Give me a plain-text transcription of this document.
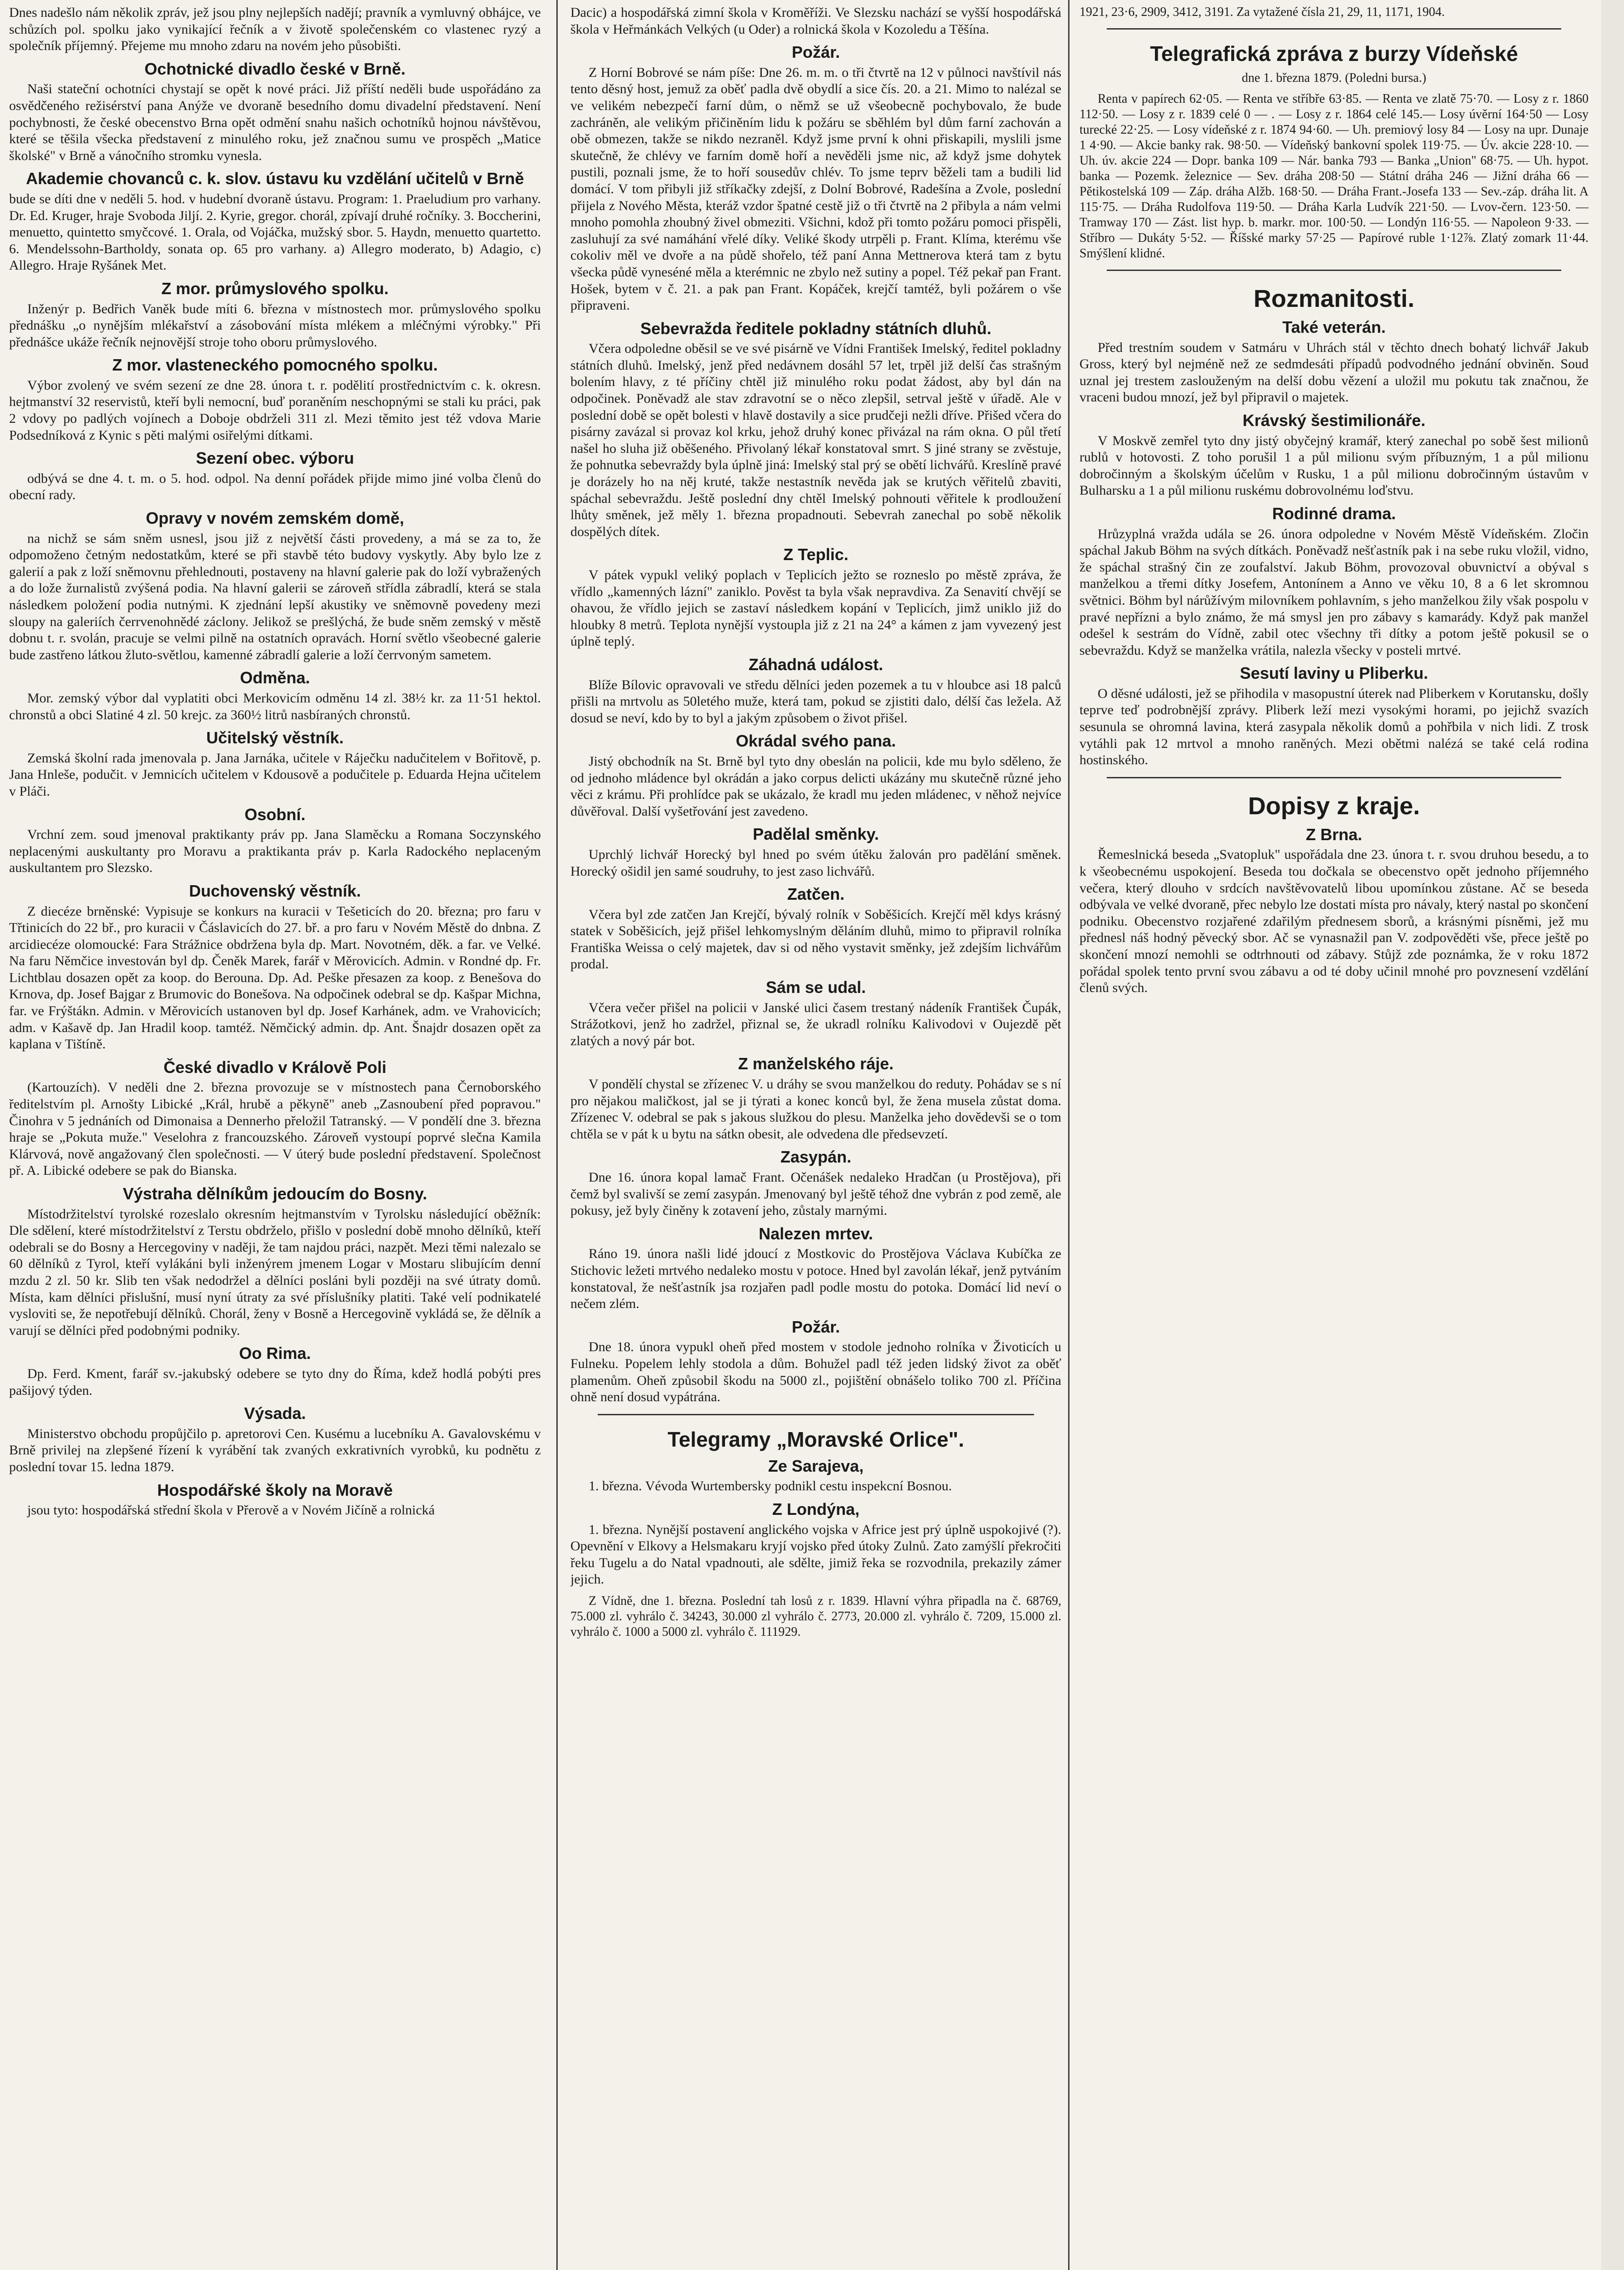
Dnes nadešlo nám několik zpráv, jež jsou plny nejlepších nadějí; pravník a vymluvný obhájce, ve schůzích pol. spolku jako vynikající řečník a v životě společenském co vlastenec ryzý a společník příjemný. Přejeme mu mnoho zdaru na novém jeho působišti.

Ochotnické divadlo české v Brně.

Naši stateční ochotníci chystají se opět k nové práci. Již příští neděli bude uspořádáno za osvědčeného režisérství pana Anýže ve dvoraně besedního domu divadelní představení. Není pochybnosti, že české obecenstvo Brna opět odmění snahu našich ochotníků hojnou návštěvou, které se těšila všecka představení z minulého roku, jež značnou sumu ve prospěch „Matice školské" v Brně a vánočního stromku vynesla.

Akademie chovanců c. k. slov. ústavu ku vzdělání učitelů v Brně

bude se díti dne v neděli 5. hod. v hudební dvoraně ústavu. Program: 1. Praeludium pro varhany. Dr. Ed. Kruger, hraje Svoboda Jiljí. 2. Kyrie, gregor. chorál, zpívají druhé ročníky. 3. Boccherini, menuetto, quintetto smyčcové. 1. Orala, od Vojáčka, mužský sbor. 5. Haydn, menuetto quartetto. 6. Mendelssohn-Bartholdy, sonata op. 65 pro varhany. a) Allegro moderato, b) Adagio, c) Allegro. Hraje Ryšánek Met.

Z mor. průmyslového spolku.

Inženýr p. Bedřich Vaněk bude míti 6. března v místnostech mor. průmyslového spolku přednášku „o nynějším mlékařství a zásobování místa mlékem a mléčnými výrobky." Při přednášce ukáže řečník nejnovější stroje toho oboru průmyslového.

Z mor. vlasteneckého pomocného spolku.

Výbor zvolený ve svém sezení ze dne 28. února t. r. podělití prostřednictvím c. k. okresn. hejtmanství 32 reservistů, kteří byli nemocní, buď poraněním neschopnými se stali ku práci, pak 2 vdovy po padlých vojínech a Doboje obdrželi 311 zl. Mezi těmito jest též vdova Marie Podsedníková z Kynic s pěti malými osiřelými dítkami.

Sezení obec. výboru

odbývá se dne 4. t. m. o 5. hod. odpol. Na denní pořádek přijde mimo jiné volba členů do obecní rady.

Opravy v novém zemském domě,

na nichž se sám sněm usnesl, jsou již z největší části provedeny, a má se za to, že odpomoženo četným nedostatkům, které se při stavbě této budovy vyskytly. Aby bylo lze z galerií a pak z loží sněmovnu přehlednouti, postaveny na hlavní galerie pak do loží vybražených a do lože žurnalistů zvýšená podia. Na hlavní galerii se zároveň střídla zábradlí, která se stala následkem položení podia nutnými. K zjednání lepší akustiky ve sněmovně povedeny mezi sloupy na galeriích čerrvenohnědé záclony. Jelikož se prešlýchá, že bude sněm zemský v městě dobnu t. r. svolán, pracuje se velmi pilně na ostatních opravách. Horní světlo všeobecné galerie bude zastřeno látkou žluto-světlou, kamenné zábradlí galerie a loží čerrvoným sametem.

Odměna.

Mor. zemský výbor dal vyplatiti obci Merkovicím odměnu 14 zl. 38½ kr. za 11·51 hektol. chronstů a obci Slatiné 4 zl. 50 krejc. za 360½ litrů nasbíraných chronstů.

Učitelský věstník.

Zemská školní rada jmenovala p. Jana Jarnáka, učitele v Ráječku nadučitelem v Bořitově, p. Jana Hnleše, podučit. v Jemnicích učitelem v Kdousově a podučitele p. Eduarda Hejna učitelem v Pláči.

Osobní.

Vrchní zem. soud jmenoval praktikanty práv pp. Jana Slaměcku a Romana Soczynského neplacenými auskultanty pro Moravu a praktikanta práv p. Karla Radockého neplaceným auskultantem pro Slezsko.

Duchovenský věstník.

Z diecéze brněnské: Vypisuje se konkurs na kuracii v Tešeticích do 20. března; pro faru v Třtinicích do 22 bř., pro kuracii v Čáslavicích do 27. bř. a pro faru v Novém Městě do dnbna. Z arcidiecéze olomoucké: Fara Strážnice obdržena byla dp. Mart. Novotném, děk. a far. ve Velké. Na faru Němčice investován byl dp. Čeněk Marek, farář v Měrovicích. Admin. v Rondné dp. Fr. Lichtblau dosazen opět za koop. do Berouna. Dp. Ad. Peške přesazen za koop. z Benešova do Krnova, dp. Josef Bajgar z Brumovic do Bonešova. Na odpočinek odebral se dp. Kašpar Michna, far. ve Frýštákn. Admin. v Měrovicích ustanoven byl dp. Josef Karhánek, adm. ve Vrahovicích; adm. v Kašavě dp. Jan Hradil koop. tamtéž. Němčický admin. dp. Ant. Šnajdr dosazen opět za kaplana v Tištíně.

České divadlo v Králově Poli

(Kartouzích). V neděli dne 2. března provozuje se v místnostech pana Černoborského ředitelstvím pl. Arnošty Libické „Král, hrubě a pěkyně" aneb „Zasnoubení před popravou." Činohra v 5 jednáních od Dimonaisa a Dennerho přeložil Tatranský. — V pondělí dne 3. března hraje se „Pokuta muže." Veselohra z francouzského. Zároveň vystoupí poprvé slečna Kamila Klárvová, nově angažovaný člen společnosti. — V úterý bude poslední představení. Společnost př. A. Libické odebere se pak do Bianska.

Výstraha dělníkům jedoucím do Bosny.

Místodržitelství tyrolské rozeslalo okresním hejtmanstvím v Tyrolsku následující oběžník: Dle sdělení, které místodržitelství z Terstu obdrželo, přišlo v poslední době mnoho dělníků, kteří odebrali se do Bosny a Hercegoviny v naději, že tam najdou práci, nazpět. Mezi těmi nalezalo se 60 dělníků z Tyrol, kteří vylákáni byli inženýrem jmenem Logar v Mostaru slibujícím denní mzdu 2 zl. 50 kr. Slib ten však nedodržel a dělníci posláni byli později na své útraty domů. Místa, kam dělníci přislušní, musí nyní útraty za své příslušníky platiti. Také velí podnikatelé vysloviti se, že nepotřebují dělníků. Chorál, ženy v Bosně a Hercegovině vykládá se, že dělník a varují se dělníci před podobnými podniky.

Oo Rima.

Dp. Ferd. Kment, farář sv.-jakubský odebere se tyto dny do Říma, kdež hodlá pobýti pres pašijový týden.

Výsada.

Ministerstvo obchodu propůjčilo p. apretorovi Cen. Kusému a lucebníku A. Gavalovskému v Brně privilej na zlepšené řízení k vyrábění tak zvaných exkrativních vyrobků, ku podnětu z poslední tovar 15. ledna 1879.

Hospodářské školy na Moravě

jsou tyto: hospodářská střední škola v Přerově a v Novém Jičíně a rolnická

Dacic) a hospodářská zimní škola v Kroměříži. Ve Slezsku nachází se vyšší hospodářská škola v Heřmánkách Velkých (u Oder) a rolnická škola v Kozoledu a Těšína.

Požár.

Z Horní Bobrové se nám píše: Dne 26. m. m. o tři čtvrtě na 12 v půlnoci navštívil nás tento děsný host, jemuž za oběť padla dvě obydlí a sice čís. 20. a 21. Mimo to nalézal se ve velikém nebezpečí farní dům, o němž se už všeobecně pochybovalo, že bude zachráněn, ale velikým přičiněním lidu k požáru se sběhlém byl dům farní zachován a obě obmezen, takže se nikdo nezraněl. Když jsme první k ohni přiskapili, myslili jsme skutečně, že chlévy ve farním domě hoří a nevěděli jsme nic, až když jsme dohytek pustili, poznali jsme, že to hoří sousedův chlév. To jsme teprv běželi tam a budili lid domácí. V tom přibyli již stříkačky zdejší, z Dolní Bobrové, Radešína a Zvole, poslední přijela z Nového Města, kteráž vzdor špatné cestě již o tři čtvrtě na 2 přibyla a nám velmi mnoho pomohla zhoubný živel obmeziti. Všichni, kdož při tomto požáru pomoci přispěli, zasluhují za své namáhání vřelé díky. Veliké škody utrpěli p. Frant. Klíma, kterému vše cokoliv měl ve dvoře a na půdě shořelo, též paní Anna Mettnerova která tam z bytu všecka půdě vyneséné měla a kterémnic ne zbylo než sutiny a popel. Též pekař pan Frant. Hošek, bytem v č. 21. a pak pan Frant. Kopáček, krejčí tamtéž, byli požárem o vše připraveni.

Sebevražda ředitele pokladny státních dluhů.

Včera odpoledne oběsil se ve své pisárně ve Vídni František Imelský, ředitel pokladny státních dluhů. Imelský, jenž před nedávnem dosáhl 57 let, trpěl již delší čas strašným bolením hlavy, z té příčiny chtěl již minulého roku podat žádost, aby byl dán na odpočinek. Poněvadž ale stav zdravotní se o něco zlepšil, setrval ještě v úřadě. Ale v poslední době se opět bolesti v hlavě dostavily a sice prudčeji nežli dříve. Přišed včera do pisárny zavázal si provaz kol krku, jehož druhý konec přivázal na rám okna. O půl třetí našel ho sluha již oběšeného. Přivolaný lékař konstatoval smrt. S jiné strany se zvěstuje, že pohnutka sebevraždy byla úplně jiná: Imelský stal prý se obětí lichvářů. Kreslíně pravé je dorázely ho na něj kruté, takže nestastník nevěda jak se krutých věřitelů zbaviti, spáchal sebevraždu. Ještě poslední dny chtěl Imelský pohnouti věřitele k prodloužení lhůty směnek, jež měly 1. března propadnouti. Sebevrah zanechal po sobě několik dospělých dítek.

Z Teplic.

V pátek vypukl veliký poplach v Teplicích ježto se rozneslo po městě zpráva, že vřídlo „kamenných lázní" zaniklo. Pověst ta byla však nepravdiva. Za Senavití chvějí se ohavou, že vřídlo jejich se zastaví následkem kopání v Teplicích, jimž uniklo již do hloubky 8 metrů. Teplota nynější vystoupla již z 21 na 24° a kámen z jam vyvezený jest úplně teplý.

Záhadná událost.

Blíže Bílovic opravovali ve středu dělníci jeden pozemek a tu v hloubce asi 18 palců přišli na mrtvolu as 50letého muže, která tam, pokud se zjistiti dalo, délší čas ležela. Až dosud se neví, kdo by to byl a jakým způsobem o život přišel.

Okrádal svého pana.

Jistý obchodník na St. Brně byl tyto dny obeslán na policii, kde mu bylo sděleno, že od jednoho mládence byl okrádán a jako corpus delicti ukázány mu skutečně různé jeho věci z krámu. Při prohlídce pak se ukázalo, že kradl mu jeden mládenec, v něhož nejvíce důvěřoval. Další vyšetřování jest zavedeno.

Padělal směnky.

Uprchlý lichvář Horecký byl hned po svém útěku žalován pro padělání směnek. Horecký ošidil jen samé soudruhy, to jest zaso lichvářů.

Zatčen.

Včera byl zde zatčen Jan Krejčí, bývalý rolník v Soběšicích. Krejčí měl kdys krásný statek v Soběšicích, jejž přišel lehkomyslným děláním dluhů, mimo to připravil rolníka Františka Weissa o celý majetek, dav si od něho vystavit směnky, jež zdejším lichvářům prodal.

Sám se udal.

Včera večer přišel na policii v Janské ulici časem trestaný nádeník František Čupák, Strážotkovi, jenž ho zadržel, přiznal se, že ukradl rolníku Kalivodovi v Oujezdě pět zlatých a nový pár bot.

Z manželského ráje.

V pondělí chystal se zřízenec V. u dráhy se svou manželkou do reduty. Pohádav se s ní pro nějakou maličkost, jal se ji týrati a konec konců byl, že žena musela zůstat doma. Zřízenec V. odebral se pak s jakous služkou do plesu. Manželka jeho dovědevši se o tom chtěla se v pát k u bytu na sátkn obesit, ale odvedena dle předsevzetí.

Zasypán.

Dne 16. února kopal lamač Frant. Očenášek nedaleko Hradčan (u Prostějova), při čemž byl svalivší se zemí zasypán. Jmenovaný byl ještě téhož dne vybrán z pod země, ale pokusy, jež byly činěny k zotavení jeho, zůstaly marnými.

Nalezen mrtev.

Ráno 19. února našli lidé jdoucí z Mostkovic do Prostějova Václava Kubíčka ze Stichovic ležeti mrtvého nedaleko mostu v potoce. Hned byl zavolán lékař, jenž pytváním konstatoval, že nešťastník jsa rozjařen padl podle mostu do potoka. Domácí lid neví o nečem zlém.

Požár.

Dne 18. února vypukl oheň před mostem v stodole jednoho rolníka v Životicích u Fulneku. Popelem lehly stodola a dům. Bohužel padl též jeden lidský život za oběť plamenům. Oheň způsobil škodu na 5000 zl., pojištění obnášelo toliko 700 zl. Příčina ohně není dosud vypátrána.

Telegramy „Moravské Orlice".

Ze Sarajeva,

1. března. Vévoda Wurtembersky podnikl cestu inspekcní Bosnou.

Z Londýna,

1. března. Nynější postavení anglického vojska v Africe jest prý úplně uspokojivé (?). Opevnění v Elkovy a Helsmakaru kryjí vojsko před útoky Zulnů. Zato zamýšlí překročiti řeku Tugelu a do Natal vpadnouti, ale sdělte, jimiž řeka se rozvodnila, prekazily zámer jejich.

Z Vídně, dne 1. března. Poslední tah losů z r. 1839. Hlavní výhra připadla na č. 68769, 75.000 zl. vyhrálo č. 34243, 30.000 zl vyhrálo č. 2773, 20.000 zl. vyhrálo č. 7209, 15.000 zl. vyhrálo č. 1000 a 5000 zl. vyhrálo č. 111929.

1921, 23·6, 2909, 3412, 3191. Za vytažené čísla 21, 29, 11, 1171, 1904.

Telegrafická zpráva z burzy Vídeňské

dne 1. března 1879. (Poledni bursa.)

Renta v papírech 62·05. — Renta ve stříbře 63·85. — Renta ve zlatě 75·70. — Losy z r. 1860 112·50. — Losy z r. 1839 celé 0 — . — Losy z r. 1864 celé 145.— Losy úvěrní 164·50 — Losy turecké 22·25. — Losy vídeňské z r. 1874 94·60. — Uh. premiový losy 84 — Losy na upr. Dunaje 1 4·90. — Akcie banky rak. 98·50. — Vídeňský bankovní spolek 119·75. — Úv. akcie 228·10. — Uh. úv. akcie 224 — Dopr. banka 109 — Nár. banka 793 — Banka „Union" 68·75. — Uh. hypot. banka — Pozemk. železnice — Sev. dráha 208·50 — Státní dráha 246 — Jižní dráha 66 — Pětikostelská 109 — Záp. dráha Alžb. 168·50. — Dráha Frant.-Josefa 133 — Sev.-záp. dráha lit. A 115·75. — Dráha Rudolfova 119·50. — Dráha Karla Ludvík 221·50. — Lvov-čern. 123·50. — Tramway 170 — Zást. list hyp. b. markr. mor. 100·50. — Londýn 116·55. — Napoleon 9·33. — Stříbro — Dukáty 5·52. — Říšské marky 57·25 — Papírové ruble 1·12⅞. Zlatý zomark 11·44. Smýšlení klidné.

Rozmanitosti.

Také veterán.

Před trestním soudem v Satmáru v Uhrách stál v těchto dnech bohatý lichvář Jakub Gross, který byl nejméně než ze sedmdesáti případů podvodného jednání obviněn. Soud uznal jej trestem zaslouženým na delší dobu vězení a uložil mu pokutu tak značnou, že vraceni budou mnozí, jež byl připravil o majetek.

Krávský šestimilionáře.

V Moskvě zemřel tyto dny jistý obyčejný kramář, který zanechal po sobě šest milionů rublů v hotovosti. Z toho porušil 1 a půl milionu svým příbuzným, 1 a půl milionu dobročinným a školským účelům v Rusku, 1 a půl milionu dobročinným ústavům v Bulharsku a 1 a půl milionu ruskému dobrovolnému loďstvu.

Rodinné drama.

Hrůzyplná vražda udála se 26. února odpoledne v Novém Městě Vídeňském. Zločin spáchal Jakub Böhm na svých dítkách. Poněvadž nešťastník pak i na sebe ruku vložil, vidno, že spáchal strašný čin ze zoufalství. Jakub Böhm, provozoval obuvnictví a obýval s manželkou a třemi dítky Josefem, Antonínem a Anno ve věku 10, 8 a 6 let skromnou světnici. Böhm byl nárůžívým milovníkem pohlavním, s jeho manželkou žily však pospolu v pravé nepřízni a bylo známo, že má smysl jen pro zábavy s kamarády. Když pak manžel odešel k sestrám do Vídně, zabil otec všechny tři dítky a potom ještě pokusil se o sebevraždu. Když se manželka vrátila, nalezla všecky v posteli mrtvé.

Sesutí laviny u Pliberku.

O děsné události, jež se přihodila v masopustní úterek nad Pliberkem v Korutansku, došly teprve teď podrobnější zprávy. Pliberk leží mezi vysokými horami, po jejichž svazích sesunula se ohromná lavina, která zasypala několik domů a pohřbila v nich lidi. Z trosk vytáhli pak 12 mrtvol a mnoho raněných. Mezi obětmi nalézá se také celá rodina hostinského.

Dopisy z kraje.

Z Brna.

Řemeslnická beseda „Svatopluk" uspořádala dne 23. února t. r. svou druhou besedu, a to k všeobecnému uspokojení. Beseda tou dočkala se obecenstvo opět jednoho příjemného večera, který dlouho v srdcích navštěvovatelů libou upomínkou zůstane. Ač se beseda odbývala ve velké dvoraně, přec nebylo lze dostati místa pro návaly, který nastal po skončení podniku. Obecenstvo rozjařené zdařilým přednesem sborů, a krásnými písněmi, jež mu přednesl náš hodný pěvecký sbor. Ač se vynasnažil pan V. zodpověděti vše, přece ještě po skončení mnozí nemohli se odtrhnouti od zábavy. Stůjž zde poznámka, že v roku 1872 pořádal spolek tento první svou zábavu a od té doby učinil mnohé pro povznesení vzdělání členů svých.
